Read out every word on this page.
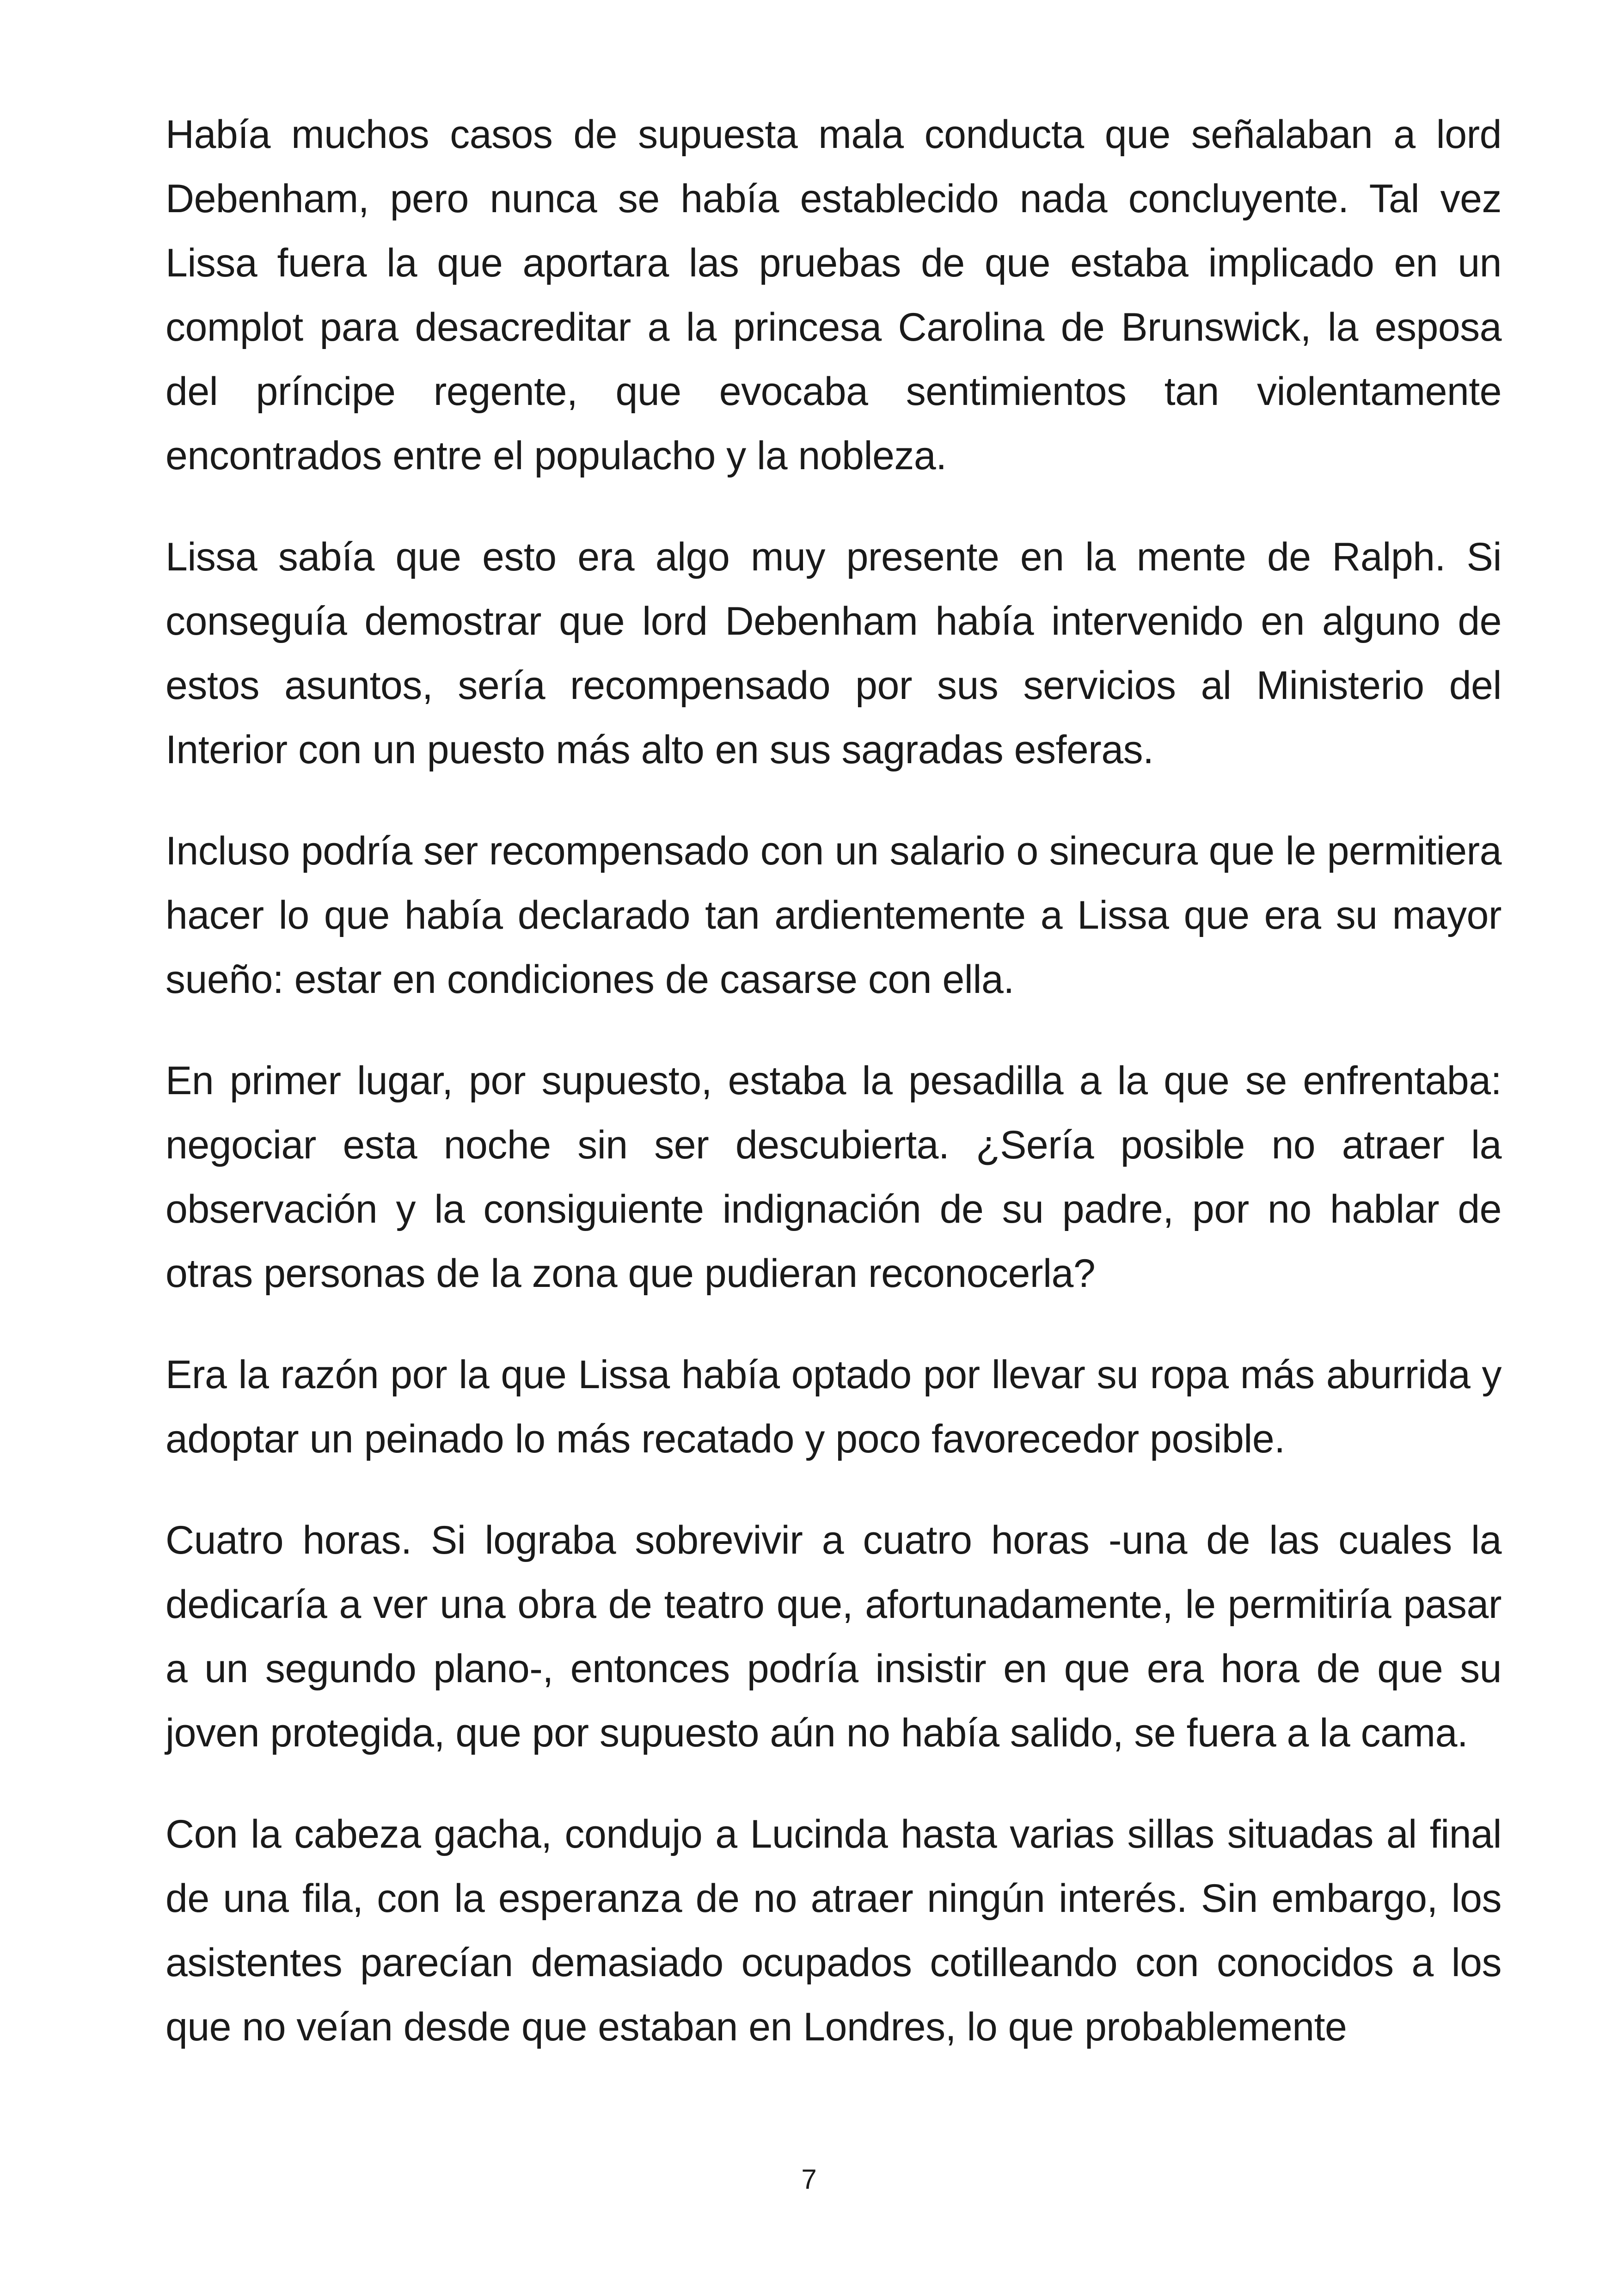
Había muchos casos de supuesta mala conducta que señalaban a lord Debenham, pero nunca se había establecido nada concluyente. Tal vez Lissa fuera la que aportara las pruebas de que estaba implicado en un complot para desacreditar a la princesa Carolina de Brunswick, la esposa del príncipe regente, que evocaba sentimientos tan violentamente encontrados entre el populacho y la nobleza.

Lissa sabía que esto era algo muy presente en la mente de Ralph. Si conseguía demostrar que lord Debenham había intervenido en alguno de estos asuntos, sería recompensado por sus servicios al Ministerio del Interior con un puesto más alto en sus sagradas esferas.

Incluso podría ser recompensado con un salario o sinecura que le permitiera hacer lo que había declarado tan ardientemente a Lissa que era su mayor sueño: estar en condiciones de casarse con ella.

En primer lugar, por supuesto, estaba la pesadilla a la que se enfrentaba: negociar esta noche sin ser descubierta. ¿Sería posible no atraer la observación y la consiguiente indignación de su padre, por no hablar de otras personas de la zona que pudieran reconocerla?

Era la razón por la que Lissa había optado por llevar su ropa más aburrida y adoptar un peinado lo más recatado y poco favorecedor posible.

Cuatro horas. Si lograba sobrevivir a cuatro horas -una de las cuales la dedicaría a ver una obra de teatro que, afortunadamente, le permitiría pasar a un segundo plano-, entonces podría insistir en que era hora de que su joven protegida, que por supuesto aún no había salido, se fuera a la cama.

Con la cabeza gacha, condujo a Lucinda hasta varias sillas situadas al final de una fila, con la esperanza de no atraer ningún interés. Sin embargo, los asistentes parecían demasiado ocupados cotilleando con conocidos a los que no veían desde que estaban en Londres, lo que probablemente

7
